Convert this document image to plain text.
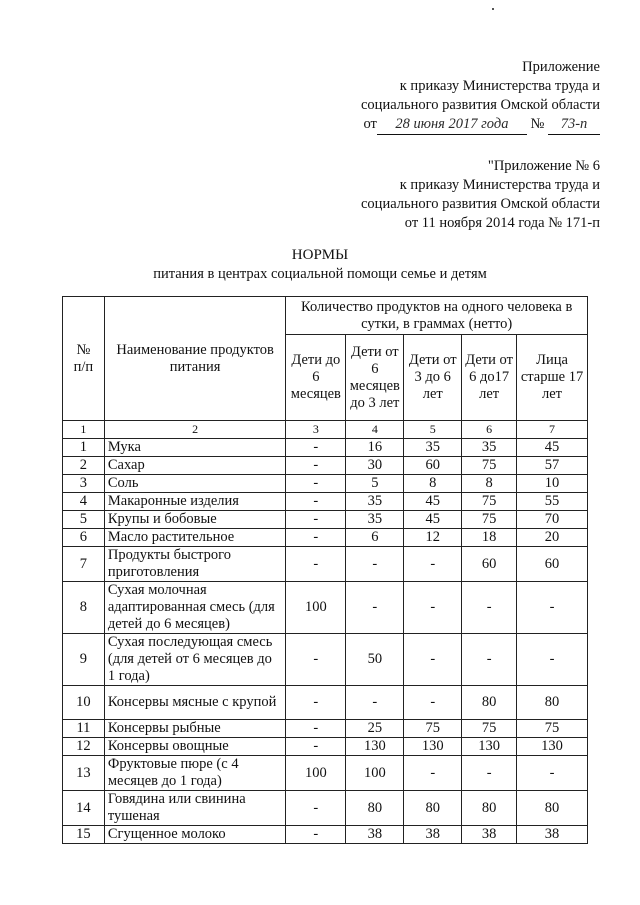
Приложение
к приказу Министерства труда и
социального развития Омской области
от 28 июня 2017 года № 73-п
"Приложение № 6
к приказу Министерства труда и
социального развития Омской области
от 11 ноября 2014 года № 171-п
НОРМЫ
питания в центрах социальной помощи семье и детям
№
п/п	Наименование продуктов питания	Количество продуктов на одного человека в сутки, в граммах (нетто)				
		Дети до 6 месяцев	Дети от 6 месяцев до 3 лет	Дети от 3 до 6 лет	Дети от 6 до17 лет	Лица старше 17 лет
1	2	3	4	5	6	7
1	Мука	-	16	35	35	45
2	Сахар	-	30	60	75	57
3	Соль	-	5	8	8	10
4	Макаронные изделия	-	35	45	75	55
5	Крупы и бобовые	-	35	45	75	70
6	Масло растительное	-	6	12	18	20
7	Продукты быстрого приготовления	-	-	-	60	60
8	Сухая молочная адаптированная смесь (для детей до 6 месяцев)	100	-	-	-	-
9	Сухая последующая смесь (для детей от 6 месяцев до 1 года)	-	50	-	-	-
10	Консервы мясные с крупой	-	-	-	80	80
11	Консервы рыбные	-	25	75	75	75
12	Консервы овощные	-	130	130	130	130
13	Фруктовые пюре (с 4 месяцев до 1 года)	100	100	-	-	-
14	Говядина или свинина тушеная	-	80	80	80	80
15	Сгущенное молоко	-	38	38	38	38
